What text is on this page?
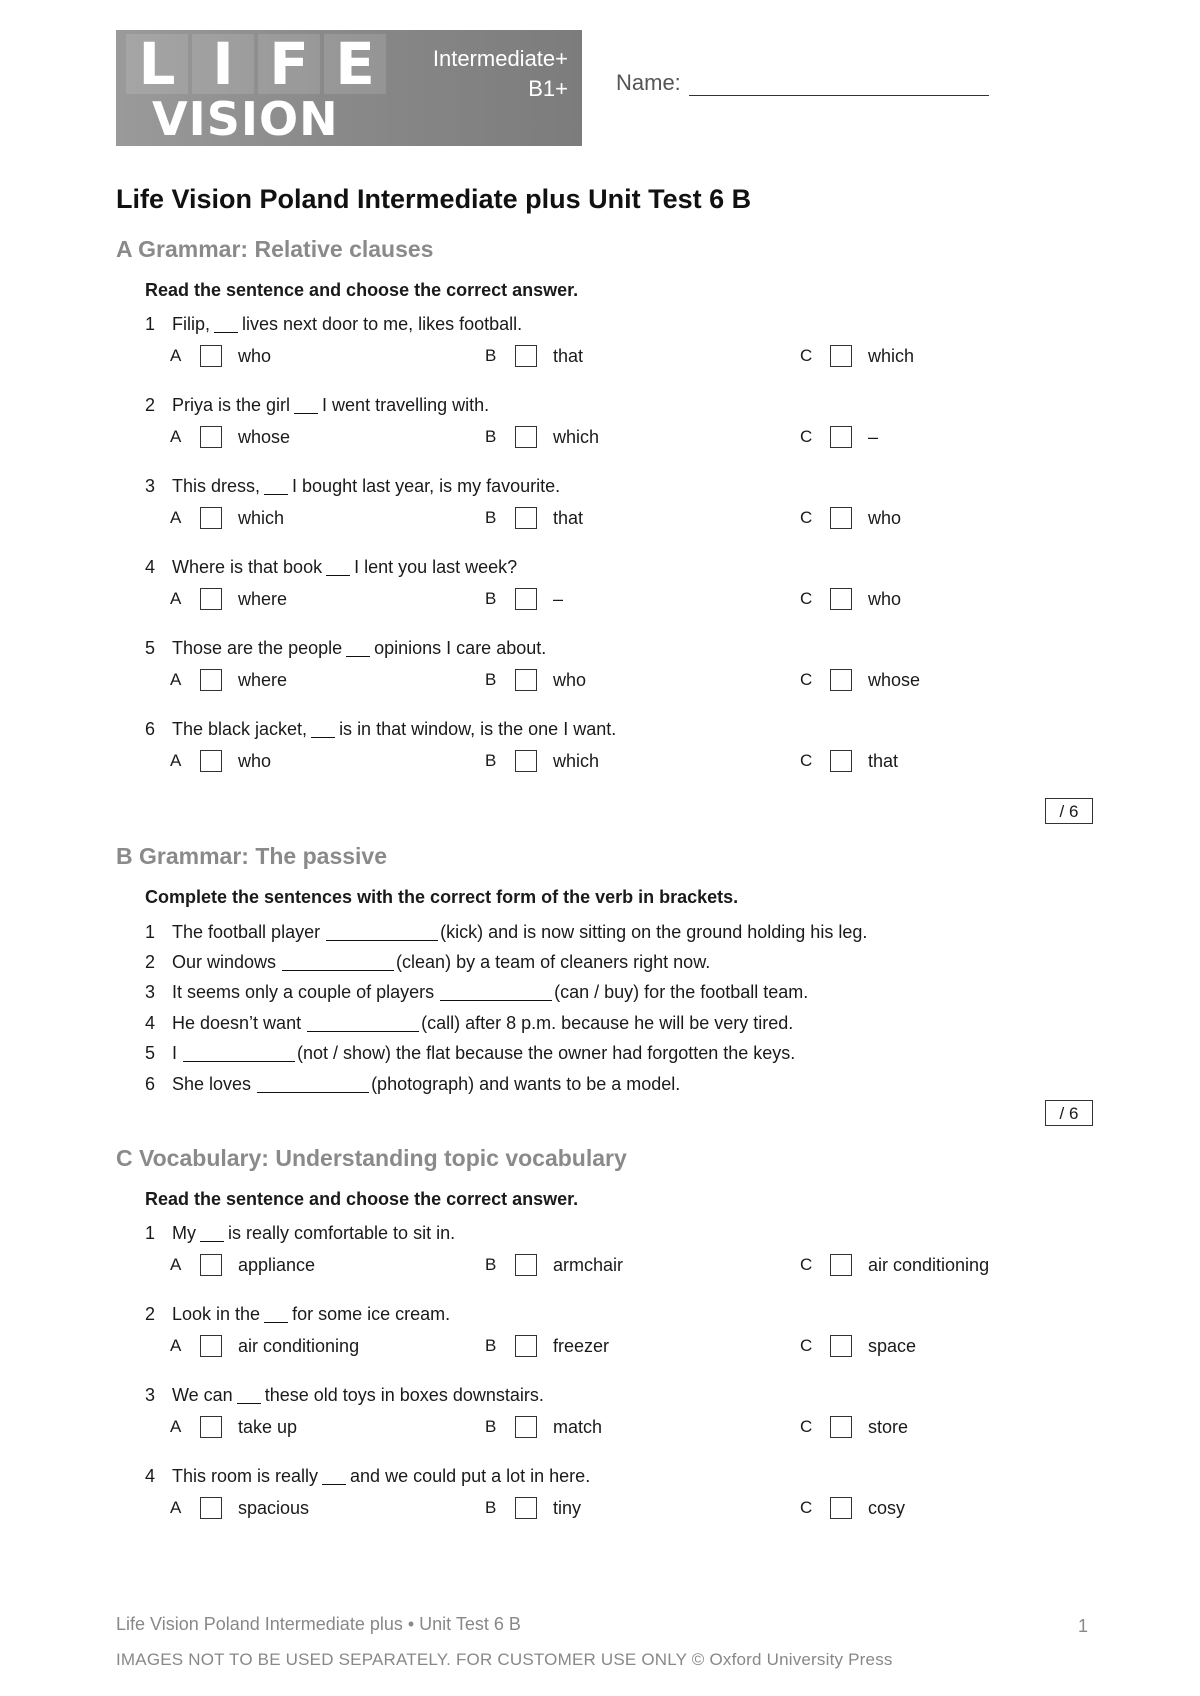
L I F E
VISION
Intermediate+
B1+ Name:
Life Vision Poland Intermediate plus Unit Test 6 B
A Grammar: Relative clauses
Read the sentence and choose the correct answer.
1 Filip, lives next door to me, likes football.
A	who	B	that	C	which
2 Priya is the girl I went travelling with.
A	whose	B	which	C	–
3 This dress, I bought last year, is my favourite.
A	which	B	that	C	who
4 Where is that book I lent you last week?
A	where	B	–	C	who
5 Those are the people opinions I care about.
A	where	B	who	C	whose
6 The black jacket, is in that window, is the one I want.
A	who	B	which	C	that
/ 6
B Grammar: The passive
Complete the sentences with the correct form of the verb in brackets.
1 The football player	(kick) and is now sitting on the ground holding his leg.
2 Our windows	(clean) by a team of cleaners right now.
3 It seems only a couple of players	(can / buy) for the football team.
4 He doesn’t want	(call) after 8 p.m. because he will be very tired.
5 I	(not / show) the flat because the owner had forgotten the keys.
6 She loves	(photograph) and wants to be a model.
/ 6
C Vocabulary: Understanding topic vocabulary
Read the sentence and choose the correct answer.
1 My is really comfortable to sit in.
A	appliance	B	armchair	C	air conditioning
2 Look in the for some ice cream.
A	air conditioning	B	freezer	C	space
3 We can these old toys in boxes downstairs.
A	take up	B	match	C	store
4 This room is really and we could put a lot in here.
A	spacious	B	tiny	C	cosy
Life Vision Poland Intermediate plus • Unit Test 6 B	1
IMAGES NOT TO BE USED SEPARATELY. FOR CUSTOMER USE ONLY © Oxford University Press
